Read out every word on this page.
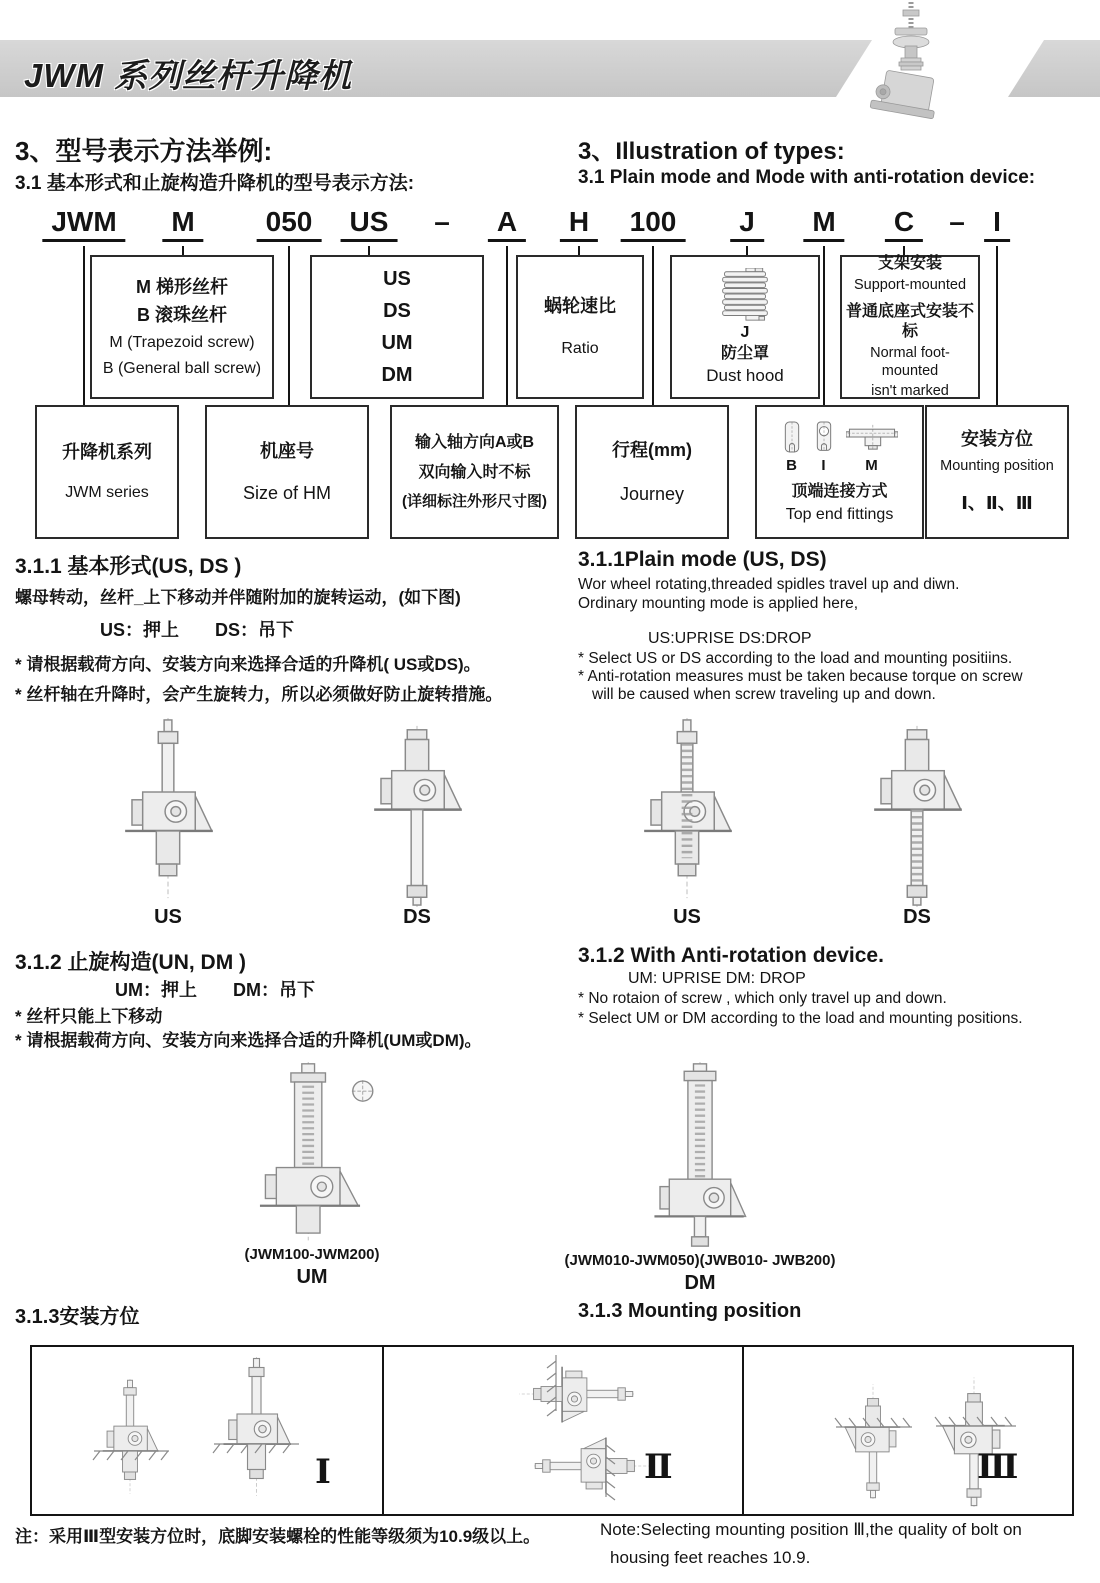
JWM 系列丝杆升降机
3、型号表示方法举例:
3.1 基本形式和止旋构造升降机的型号表示方法:
3、Illustration of types:
3.1 Plain mode and Mode with anti-rotation device:
JWM	M	050	US	–	A	H	100	J	M	C	–	I
M 梯形丝杆
B 滚珠丝杆
M (Trapezoid screw)
B (General ball screw)
US
DS
UM
DM
蜗轮速比
Ratio
J
防尘罩
Dust hood
支架安装
Support-mounted
普通底座式安装不标
Normal foot-mounted
isn't marked
升降机系列
JWM series
机座号
Size of HM
输入轴方向A或B
双向输入时不标
(详细标注外形尺寸图)
行程(mm)
Journey
B I	M
顶端连接方式
Top end fittings
安装方位
Mounting position
Ⅰ、Ⅱ、Ⅲ
3.1.1 基本形式(US, DS )
螺母转动，丝杆_上下移动并伴随附加的旋转运动，(如下图)
US：押上　　DS：吊下
* 请根据载荷方向、安装方向来选择合适的升降机( US或DS)。
* 丝杆轴在升降时，会产生旋转力，所以必须做好防止旋转措施。
3.1.1Plain mode (US, DS)
Wor wheel rotating,threaded spidles travel up and diwn.
Ordinary mounting mode is applied here,
US:UPRISE DS:DROP
* Select US or DS according to the load and mounting positiins.
* Anti-rotation measures must be taken because torque on screw
will be caused when screw traveling up and down.
US	DS	US	DS
3.1.2 止旋构造(UN, DM )
UM：押上　　DM：吊下
* 丝杆只能上下移动
* 请根据载荷方向、安装方向来选择合适的升降机(UM或DM)。
3.1.2 With Anti-rotation device.
UM: UPRISE DM: DROP
* No rotaion of screw , which only travel up and down.
* Select UM or DM according to the load and mounting positions.
(JWM100-JWM200)
UM
(JWM010-JWM050)(JWB010- JWB200)
DM
3.1.3安装方位	3.1.3 Mounting position
Ⅰ	Ⅱ	Ⅲ
注：采用Ⅲ型安装方位时，底脚安装螺栓的性能等级须为10.9级以上。	Note:Selecting mounting position Ⅲ,the quality of bolt on
housing feet reaches 10.9.
